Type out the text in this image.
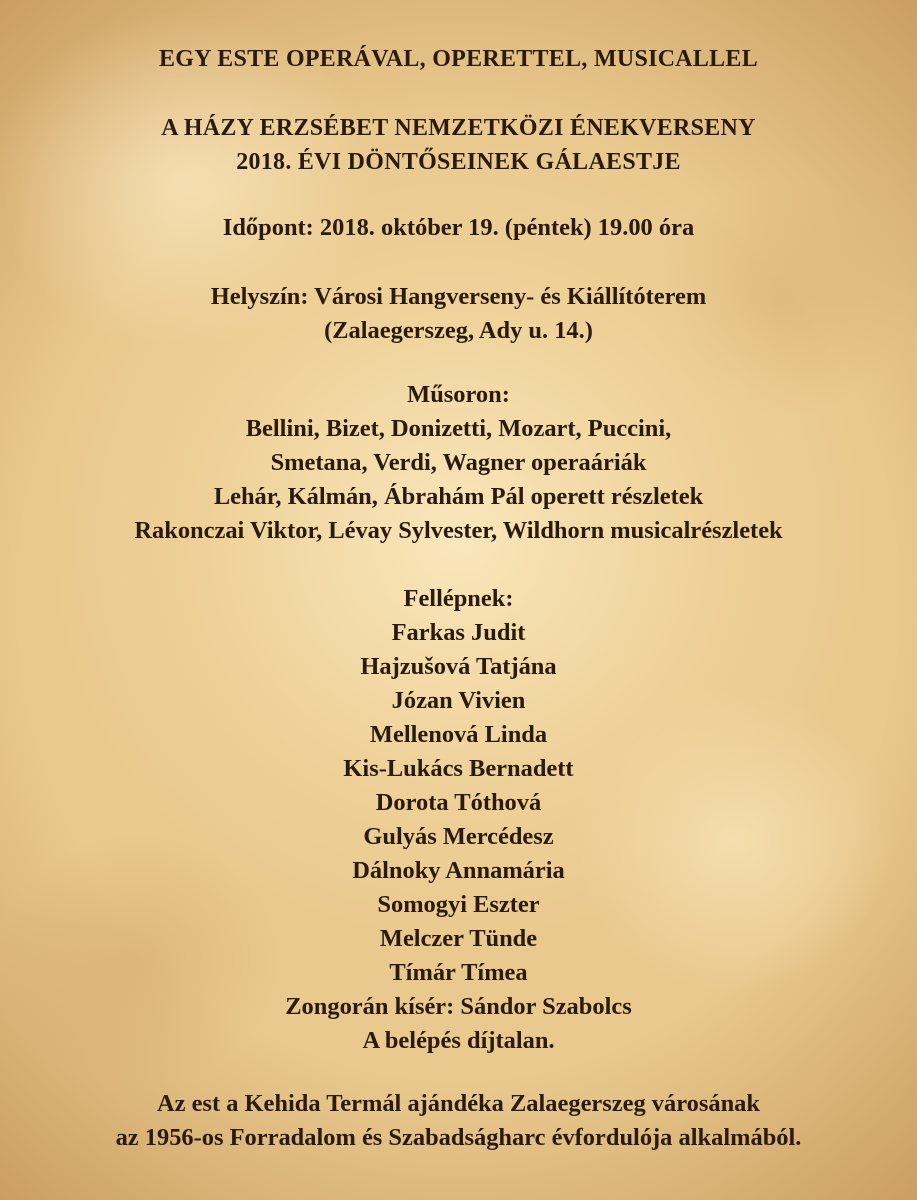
EGY ESTE OPERÁVAL, OPERETTEL, MUSICALLEL
A HÁZY ERZSÉBET NEMZETKÖZI ÉNEKVERSENY
2018. ÉVI DÖNTŐSEINEK GÁLAESTJE
Időpont: 2018. október 19. (péntek) 19.00 óra
Helyszín: Városi Hangverseny- és Kiállítóterem
(Zalaegerszeg, Ady u. 14.)
Műsoron:
Bellini, Bizet, Donizetti, Mozart, Puccini,
Smetana, Verdi, Wagner operaáriák
Lehár, Kálmán, Ábrahám Pál operett részletek
Rakonczai Viktor, Lévay Sylvester, Wildhorn musicalrészletek
Fellépnek:
Farkas Judit
Hajzušová Tatjána
Józan Vivien
Mellenová Linda
Kis-Lukács Bernadett
Dorota Tóthová
Gulyás Mercédesz
Dálnoky Annamária
Somogyi Eszter
Melczer Tünde
Tímár Tímea
Zongorán kísér: Sándor Szabolcs
A belépés díjtalan.
Az est a Kehida Termál ajándéka Zalaegerszeg városának
az 1956-os Forradalom és Szabadságharc évfordulója alkalmából.
